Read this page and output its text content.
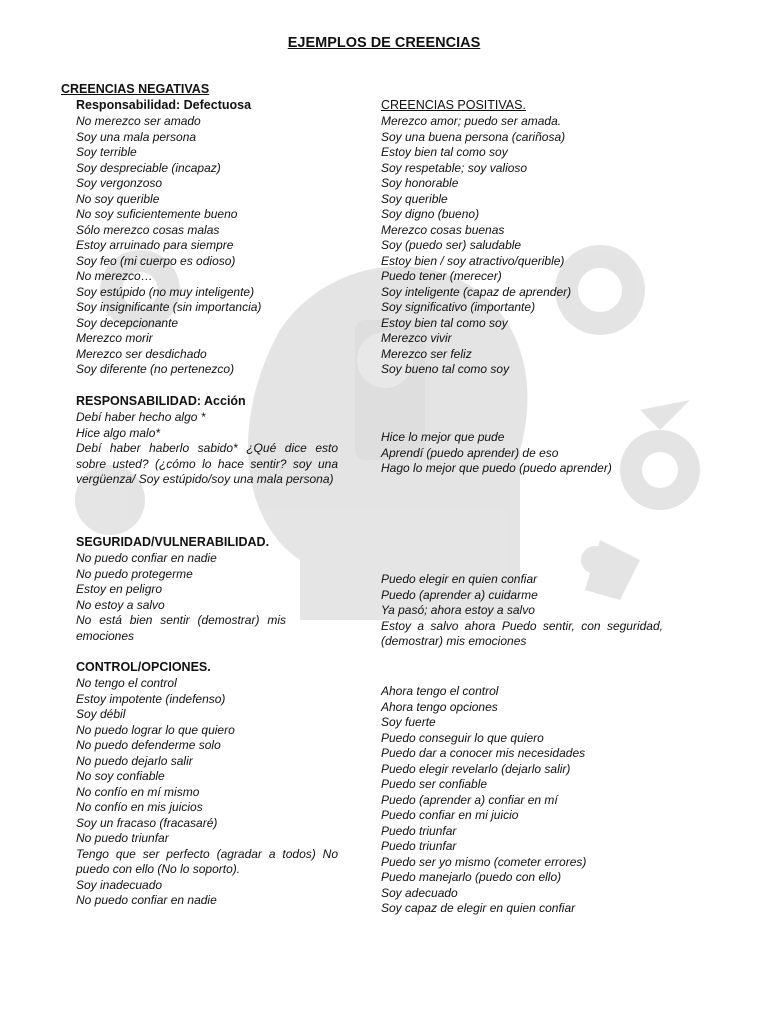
EJEMPLOS DE CREENCIAS
CREENCIAS NEGATIVAS
CREENCIAS POSITIVAS.
Responsabilidad: Defectuosa
No merezco ser amado
Soy una mala persona
Soy terrible
Soy despreciable (incapaz)
Soy vergonzoso
No soy querible
No soy suficientemente bueno
Sólo merezco cosas malas
Estoy arruinado para siempre
Soy feo (mi cuerpo es odioso)
No merezco…
Soy estúpido (no muy inteligente)
Soy insignificante (sin importancia)
Soy decepcionante
Merezco morir
Merezco ser desdichado
Soy diferente (no pertenezco)
Merezco amor; puedo ser amada.
Soy una buena persona (cariñosa)
Estoy bien tal como soy
Soy respetable; soy valioso
Soy honorable
Soy querible
Soy digno (bueno)
Merezco cosas buenas
Soy (puedo ser) saludable
Estoy bien / soy atractivo/querible)
Puedo tener (merecer)
Soy inteligente (capaz de aprender)
Soy significativo (importante)
Estoy bien tal como soy
Merezco vivir
Merezco ser feliz
Soy bueno tal como soy
RESPONSABILIDAD: Acción
Debí haber hecho algo *
Hice algo malo*
Debí haber haberlo sabido* ¿Qué dice esto sobre usted? (¿cómo lo hace sentir? soy una vergüenza/ Soy estúpido/soy una mala persona)
Hice lo mejor que pude
Aprendí (puedo aprender) de eso
Hago lo mejor que puedo (puedo aprender)
SEGURIDAD/VULNERABILIDAD.
No puedo confiar en nadie
No puedo protegerme
Estoy en peligro
No estoy a salvo
No está bien sentir (demostrar) mis emociones
Puedo elegir en quien confiar
Puedo (aprender a) cuidarme
Ya pasó; ahora estoy a salvo
Estoy a salvo ahora Puedo sentir, con seguridad, (demostrar) mis emociones
CONTROL/OPCIONES.
No tengo el control
Estoy impotente (indefenso)
Soy débil
No puedo lograr lo que quiero
No puedo defenderme solo
No puedo dejarlo salir
No soy confiable
No confío en mí mismo
No confío en mis juicios
Soy un fracaso (fracasaré)
No puedo triunfar
Tengo que ser perfecto (agradar a todos) No puedo con ello (No lo soporto).
Soy inadecuado
No puedo confiar en nadie
Ahora tengo el control
Ahora tengo opciones
Soy fuerte
Puedo conseguir lo que quiero
Puedo dar a conocer mis necesidades
Puedo elegir revelarlo (dejarlo salir)
Puedo ser confiable
Puedo (aprender a) confiar en mí
Puedo confiar en mi juicio
Puedo triunfar
Puedo triunfar
Puedo ser yo mismo (cometer errores)
Puedo manejarlo (puedo con ello)
Soy adecuado
Soy capaz de elegir en quien confiar
